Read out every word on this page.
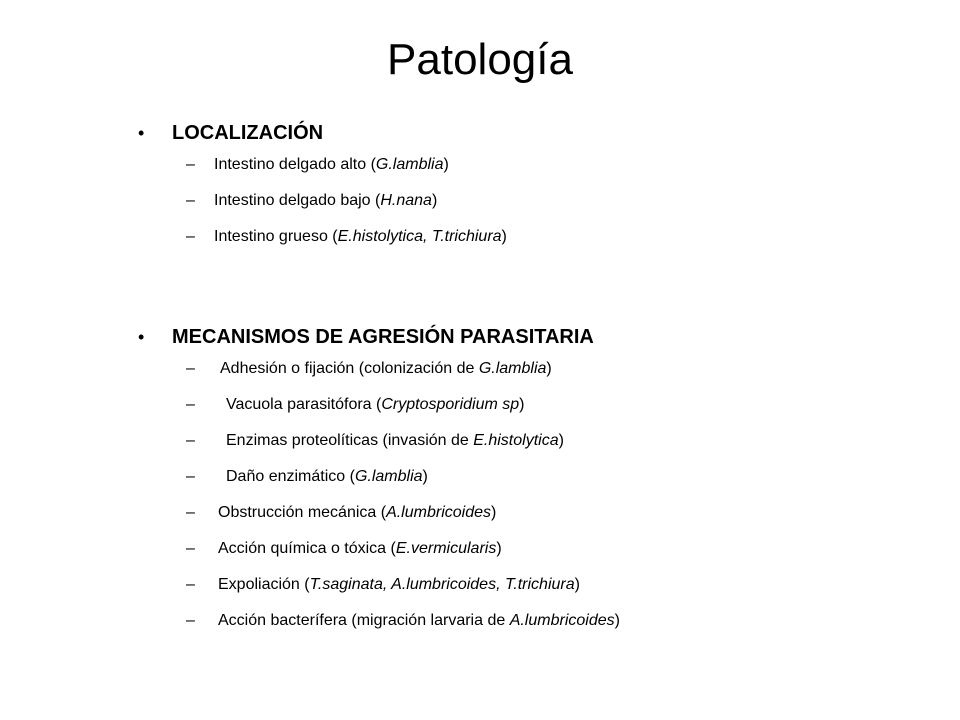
Patología
• LOCALIZACIÓN
– Intestino delgado alto (G.lamblia)
– Intestino delgado bajo (H.nana)
– Intestino grueso (E.histolytica, T.trichiura)
• MECANISMOS DE AGRESIÓN PARASITARIA
– Adhesión o fijación (colonización de G.lamblia)
– Vacuola parasitófora (Cryptosporidium sp)
– Enzimas proteolíticas (invasión de E.histolytica)
– Daño enzimático (G.lamblia)
– Obstrucción mecánica (A.lumbricoides)
– Acción química o tóxica (E.vermicularis)
– Expoliación (T.saginata, A.lumbricoides, T.trichiura)
– Acción bacterífera (migración larvaria de A.lumbricoides)
